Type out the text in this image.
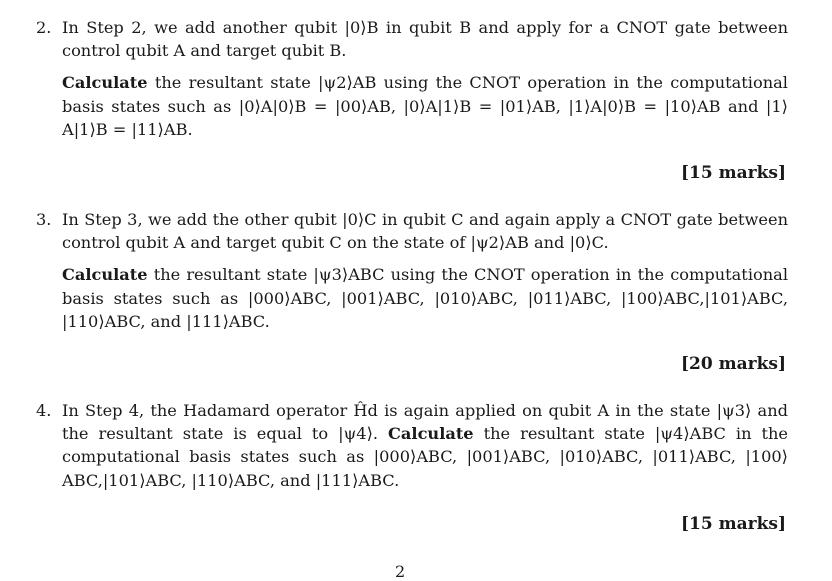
2. In Step 2, we add another qubit |0⟩B in qubit B and apply for a CNOT gate between control qubit A and target qubit B.

Calculate the resultant state |ψ2⟩AB using the CNOT operation in the computational basis states such as |0⟩A|0⟩B = |00⟩AB, |0⟩A|1⟩B = |01⟩AB, |1⟩A|0⟩B = |10⟩AB and |1⟩A|1⟩B = |11⟩AB.

[15 marks]
3. In Step 3, we add the other qubit |0⟩C in qubit C and again apply a CNOT gate between control qubit A and target qubit C on the state of |ψ2⟩AB and |0⟩C.

Calculate the resultant state |ψ3⟩ABC using the CNOT operation in the computational basis states such as |000⟩ABC, |001⟩ABC, |010⟩ABC, |011⟩ABC, |100⟩ABC,|101⟩ABC, |110⟩ABC, and |111⟩ABC.

[20 marks]
4. In Step 4, the Hadamard operator Ĥd is again applied on qubit A in the state |ψ3⟩ and the resultant state is equal to |ψ4⟩. Calculate the resultant state |ψ4⟩ABC in the computational basis states such as |000⟩ABC, |001⟩ABC, |010⟩ABC, |011⟩ABC, |100⟩ABC,|101⟩ABC, |110⟩ABC, and |111⟩ABC.

[15 marks]
2
